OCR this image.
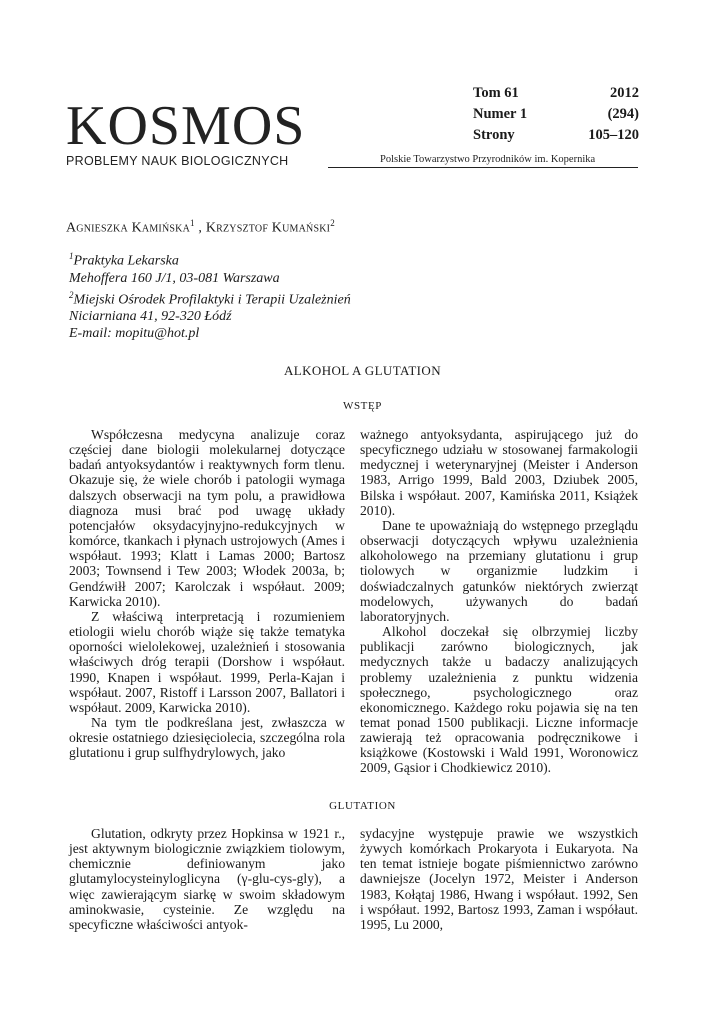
KOSMOS
PROBLEMY NAUK BIOLOGICZNYCH	Polskie Towarzystwo Przyrodników im. Kopernika
Tom 61	2012
Numer 1	(294)
Strony	105–120
Agnieszka Kamińska$^1$ , Krzysztof Kumański$^2$
$^1$Praktyka Lekarska
Mehoffera 160 J/1, 03-081 Warszawa
$^2$Miejski Ośrodek Profilaktyki i Terapii Uzależnień
Niciarniana 41, 92-320 Łódź
E-mail: mopitu@hot.pl
ALKOHOL A GLUTATION
WSTĘP

Współczesna medycyna analizuje coraz częściej dane biologii molekularnej dotyczące badań antyoksydantów i reaktywnych form tlenu. Okazuje się, że wiele chorób i patologii wymaga dalszych obserwacji na tym polu, a prawidłowa diagnoza musi brać pod uwagę układy potencjałów oksydacyjnyjno-redukcyjnych w komórce, tkankach i płynach ustrojowych (Ames i współaut. 1993; Klatt i Lamas 2000; Bartosz 2003; Townsend i Tew 2003; Włodek 2003a, b; Gendźwiłł 2007; Karolczak i współaut. 2009; Karwicka 2010).

Z właściwą interpretacją i rozumieniem etiologii wielu chorób wiąże się także tematyka oporności wielolekowej, uzależnień i stosowania właściwych dróg terapii (Dorshow i współaut. 1990, Knapen i współaut. 1999, Perla-Kajan i współaut. 2007, Ristoff i Larsson 2007, Ballatori i współaut. 2009, Karwicka 2010).

Na tym tle podkreślana jest, zwłaszcza w okresie ostatniego dziesięciolecia, szczególna rola glutationu i grup sulfhydrylowych, jako

ważnego antyoksydanta, aspirującego już do specyficznego udziału w stosowanej farmakologii medycznej i weterynaryjnej (Meister i Anderson 1983, Arrigo 1999, Bald 2003, Dziubek 2005, Bilska i współaut. 2007, Kamińska 2011, Książek 2010).

Dane te upoważniają do wstępnego przeglądu obserwacji dotyczących wpływu uzależnienia alkoholowego na przemiany glutationu i grup tiolowych w organizmie ludzkim i doświadczalnych gatunków niektórych zwierząt modelowych, używanych do badań laboratoryjnych.

Alkohol doczekał się olbrzymiej liczby publikacji zarówno biologicznych, jak medycznych także u badaczy analizujących problemy uzależnienia z punktu widzenia społecznego, psychologicznego oraz ekonomicznego. Każdego roku pojawia się na ten temat ponad 1500 publikacji. Liczne informacje zawierają też opracowania podręcznikowe i książkowe (Kostowski i Wald 1991, Woronowicz 2009, Gąsior i Chodkiewicz 2010).

GLUTATION

Glutation, odkryty przez Hopkinsa w 1921 r., jest aktywnym biologicznie związkiem tiolowym, chemicznie definiowanym jako glutamylocysteinyloglicyna (γ-glu-cys-gly), a więc zawierającym siarkę w swoim składowym aminokwasie, cysteinie. Ze względu na specyficzne właściwości antyok-

sydacyjne występuje prawie we wszystkich żywych komórkach Prokaryota i Eukaryota. Na ten temat istnieje bogate piśmiennictwo zarówno dawniejsze (Jocelyn 1972, Meister i Anderson 1983, Kołątaj 1986, Hwang i współaut. 1992, Sen i współaut. 1992, Bartosz 1993, Zaman i współaut. 1995, Lu 2000,
